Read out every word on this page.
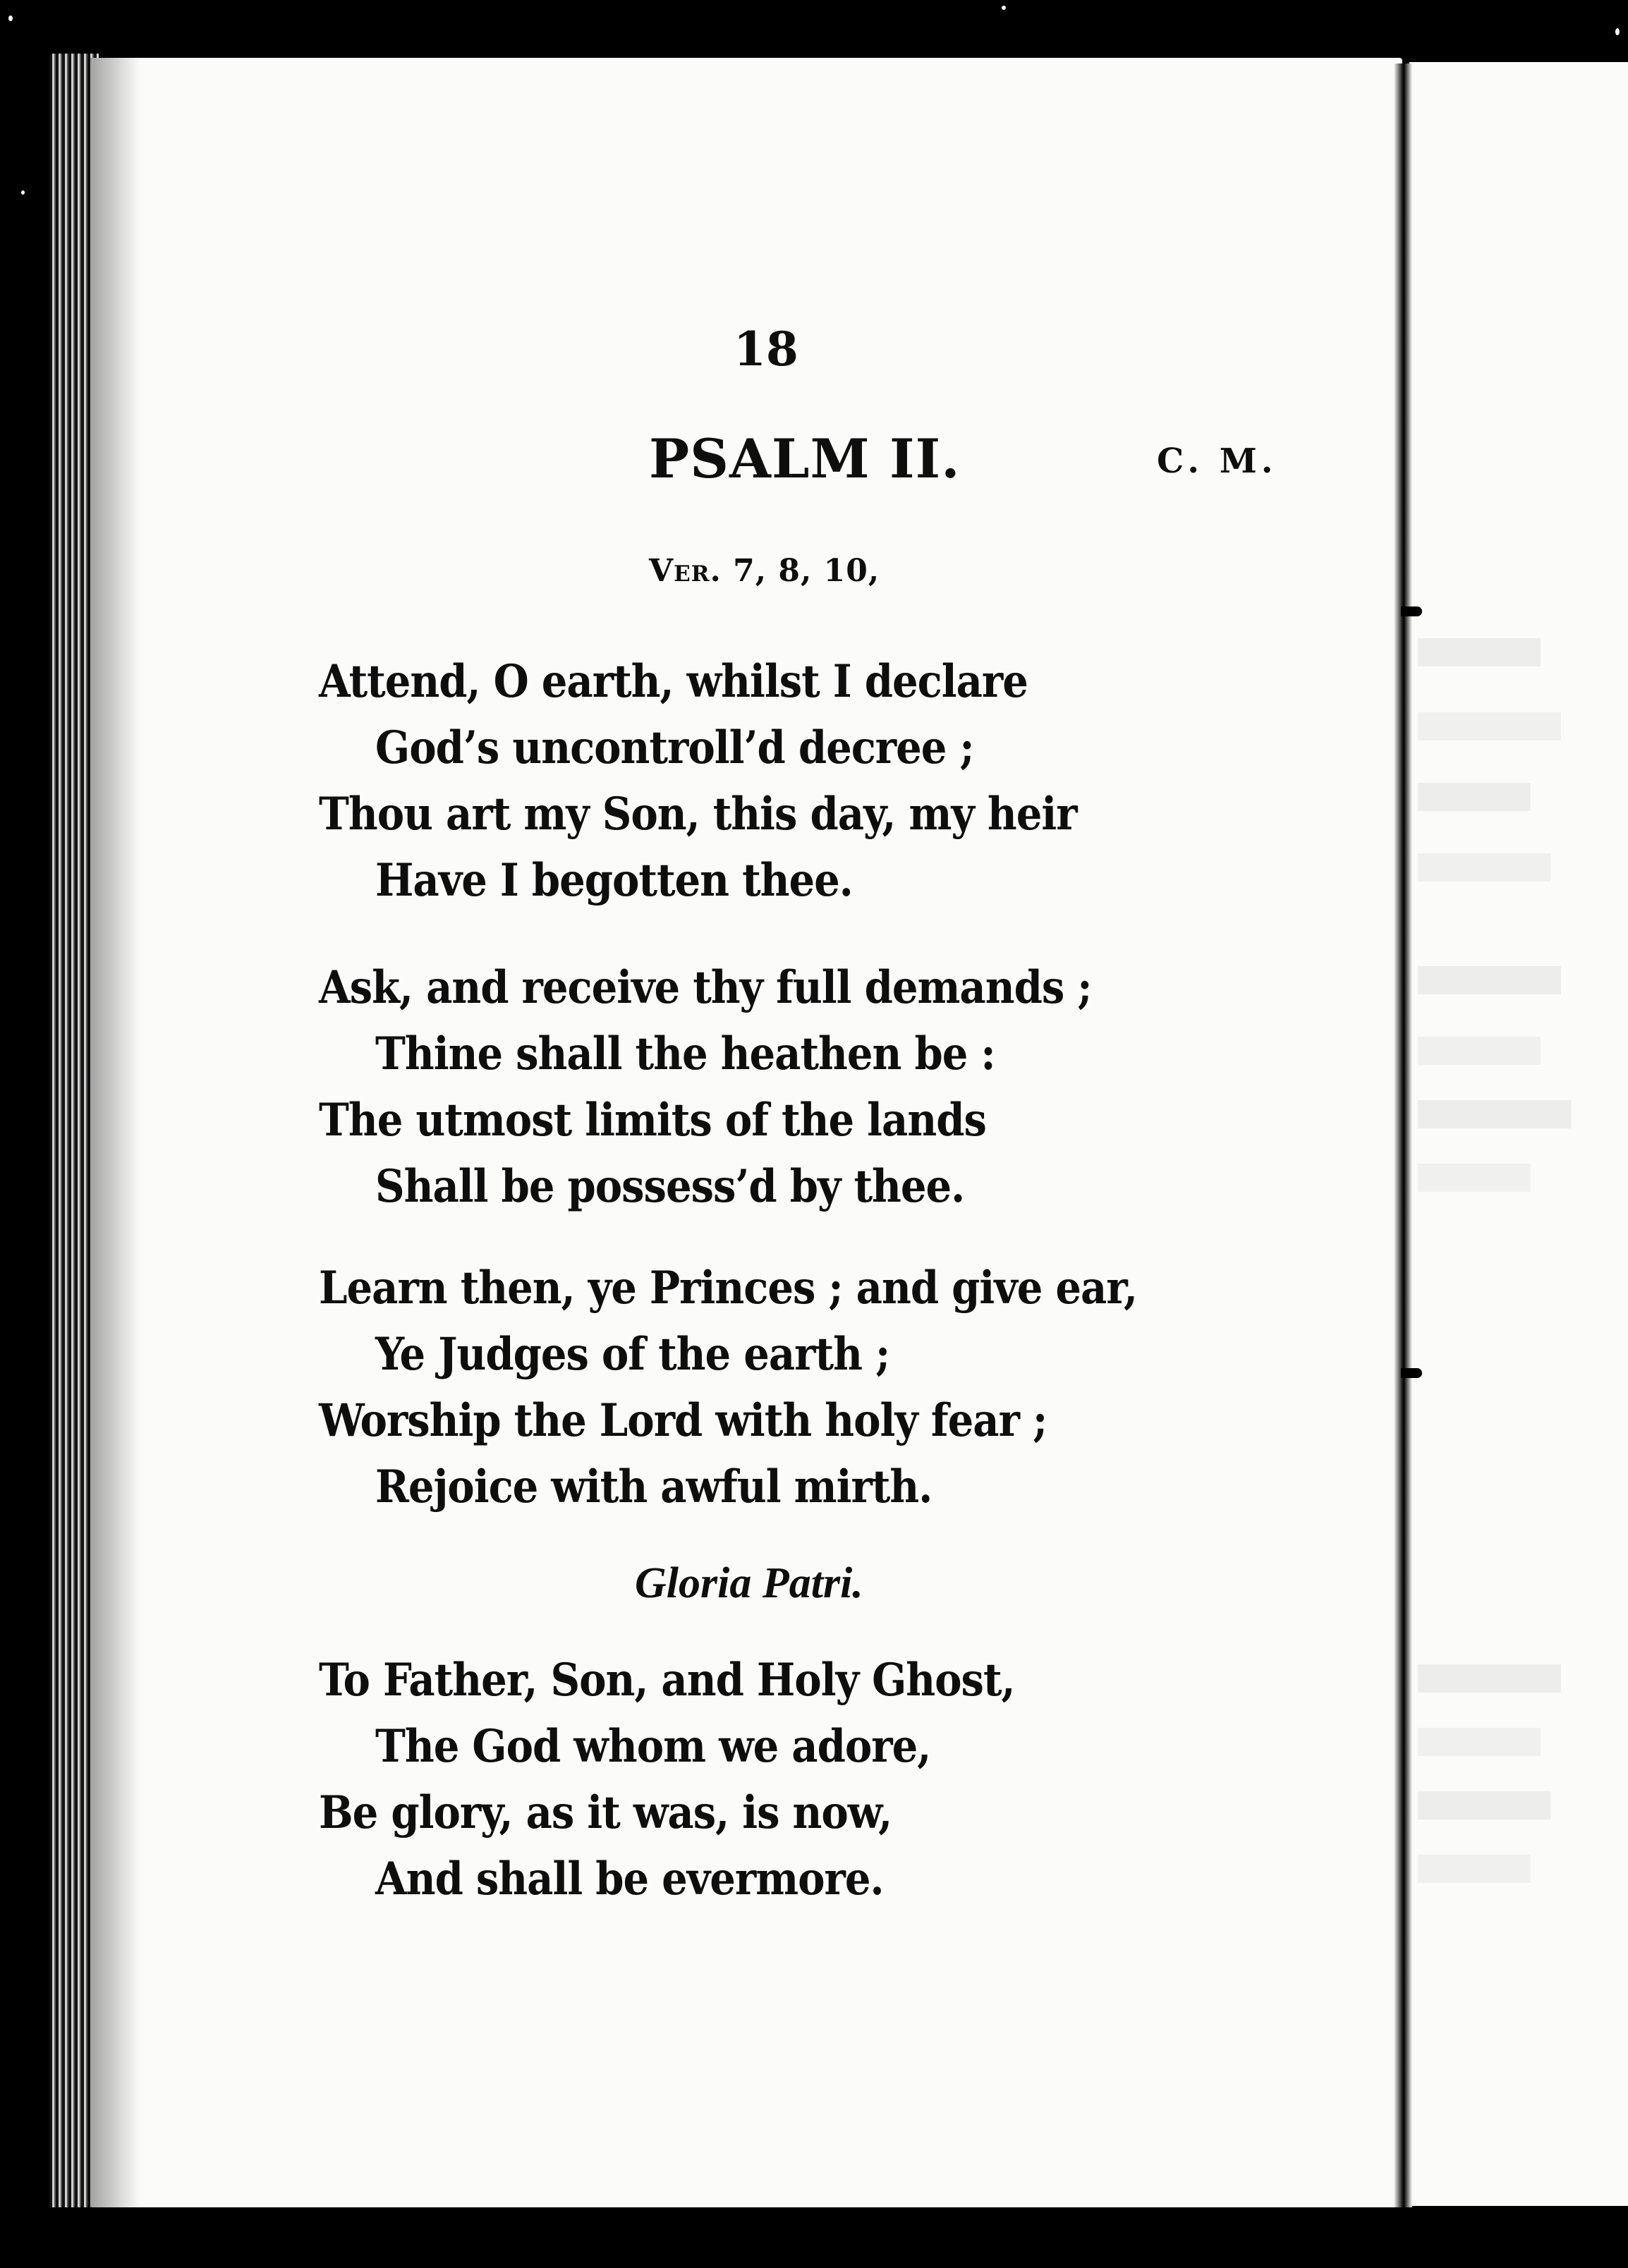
18
PSALM II.	C. M.
Ver. 7, 8, 10,
Attend, O earth, whilst I declare
God’s uncontroll’d decree ;
Thou art my Son, this day, my heir
Have I begotten thee.
Ask, and receive thy full demands ;
Thine shall the heathen be :
The utmost limits of the lands
Shall be possess’d by thee.
Learn then, ye Princes ; and give ear,
Ye Judges of the earth ;
Worship the Lord with holy fear ;
Rejoice with awful mirth.
Gloria Patri.
To Father, Son, and Holy Ghost,
The God whom we adore,
Be glory, as it was, is now,
And shall be evermore.
